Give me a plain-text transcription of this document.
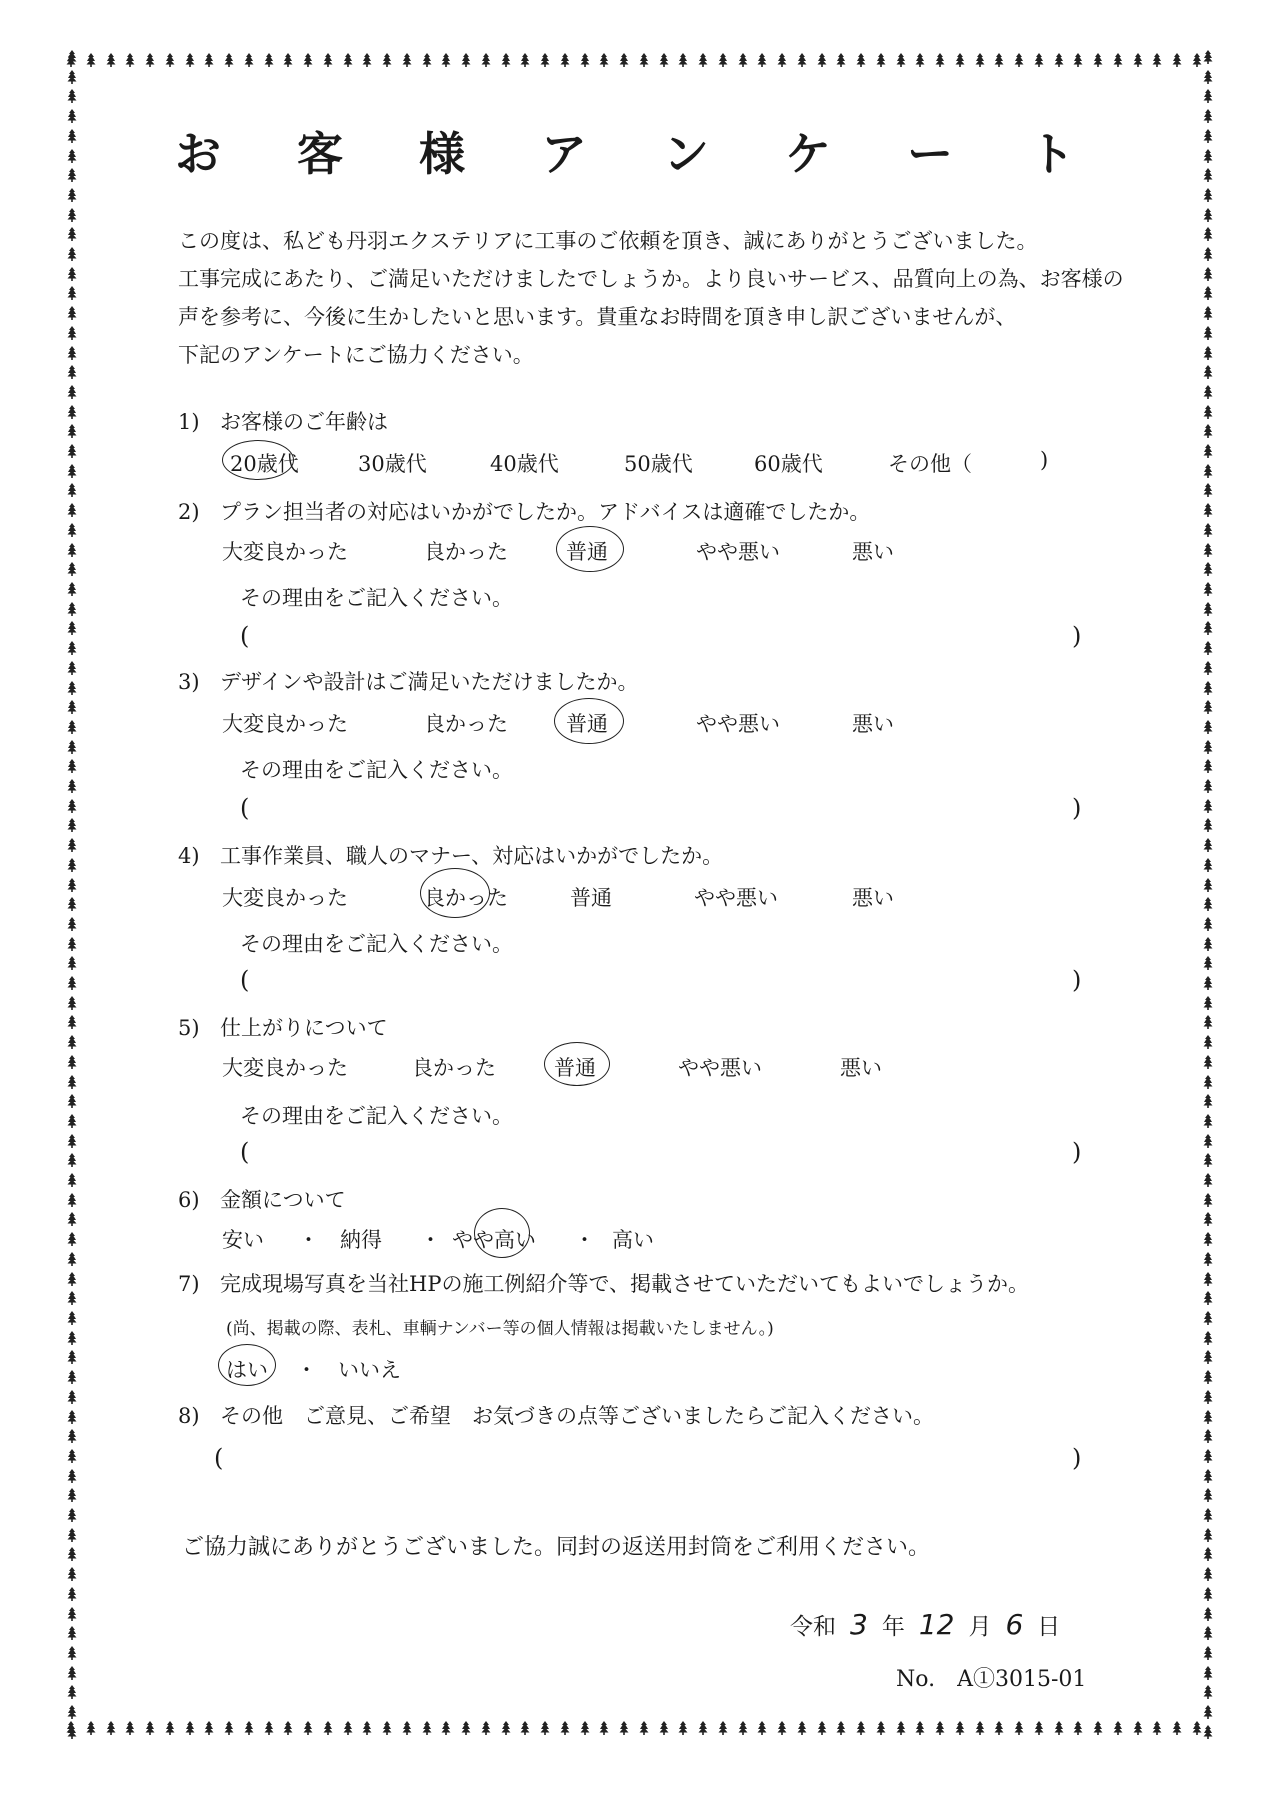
お 客 様 ア ン ケ ー ト

この度は、私ども丹羽エクステリアに工事のご依頼を頂き、誠にありがとうございました。

工事完成にあたり、ご満足いただけましたでしょうか。より良いサービス、品質向上の為、お客様の

声を参考に、今後に生かしたいと思います。貴重なお時間を頂き申し訳ございませんが、

下記のアンケートにご協力ください。

1) お客様のご年齢は
20歳代	30歳代	40歳代	50歳代	60歳代	その他（	)
2) プラン担当者の対応はいかがでしたか。アドバイスは適確でしたか。
大変良かった	良かった	普通	やや悪い	悪い
その理由をご記入ください。
(	)
3) デザインや設計はご満足いただけましたか。
大変良かった	良かった	普通	やや悪い	悪い
その理由をご記入ください。
(	)
4) 工事作業員、職人のマナー、対応はいかがでしたか。
大変良かった	良かった	普通	やや悪い	悪い
その理由をご記入ください。
(	)
5) 仕上がりについて
大変良かった	良かった	普通	やや悪い	悪い
その理由をご記入ください。
(	)
6) 金額について
安い ・ 納得 ・ やや高い ・ 高い
7) 完成現場写真を当社HPの施工例紹介等で、掲載させていただいてもよいでしょうか。
(尚、掲載の際、表札、車輌ナンバー等の個人情報は掲載いたしません。)
はい ・ いいえ
8) その他　ご意見、ご希望　お気づきの点等ございましたらご記入ください。
(	)
ご協力誠にありがとうございました。同封の返送用封筒をご利用ください。
令和 3 年 12 月 6 日
No.　A①3015-01
